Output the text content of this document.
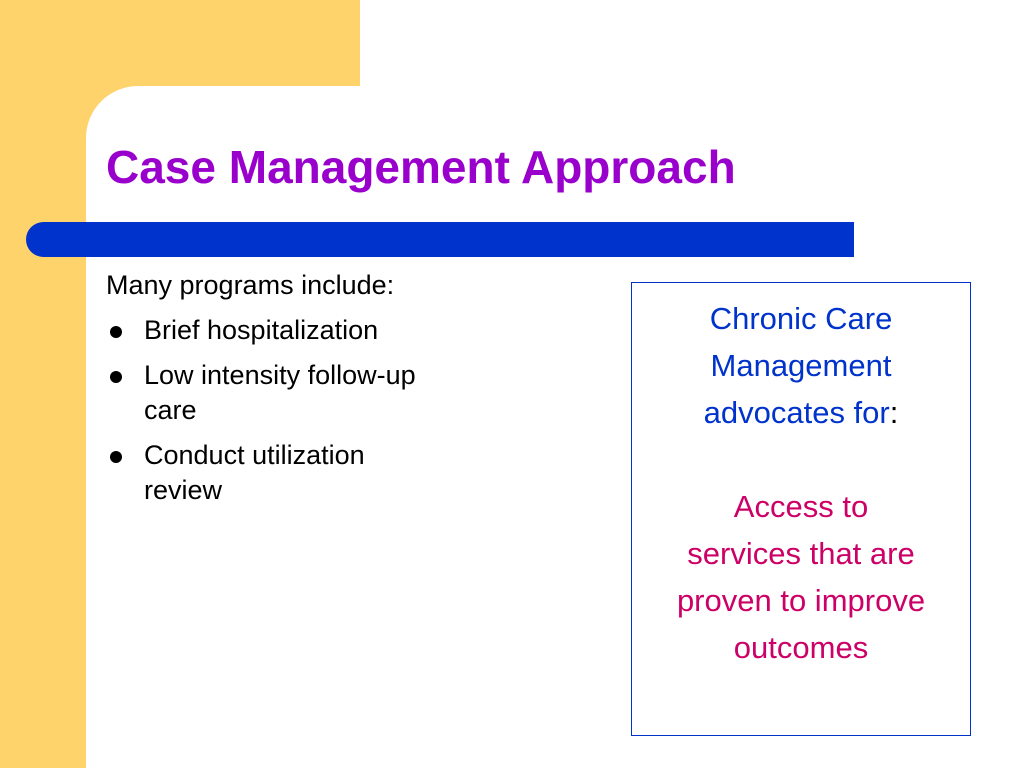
Case Management Approach
Many programs include:
Brief hospitalization
Low intensity follow-up
care
Conduct utilization
review
Chronic Care
Management
advocates for:
Access to
services that are
proven to improve
outcomes
